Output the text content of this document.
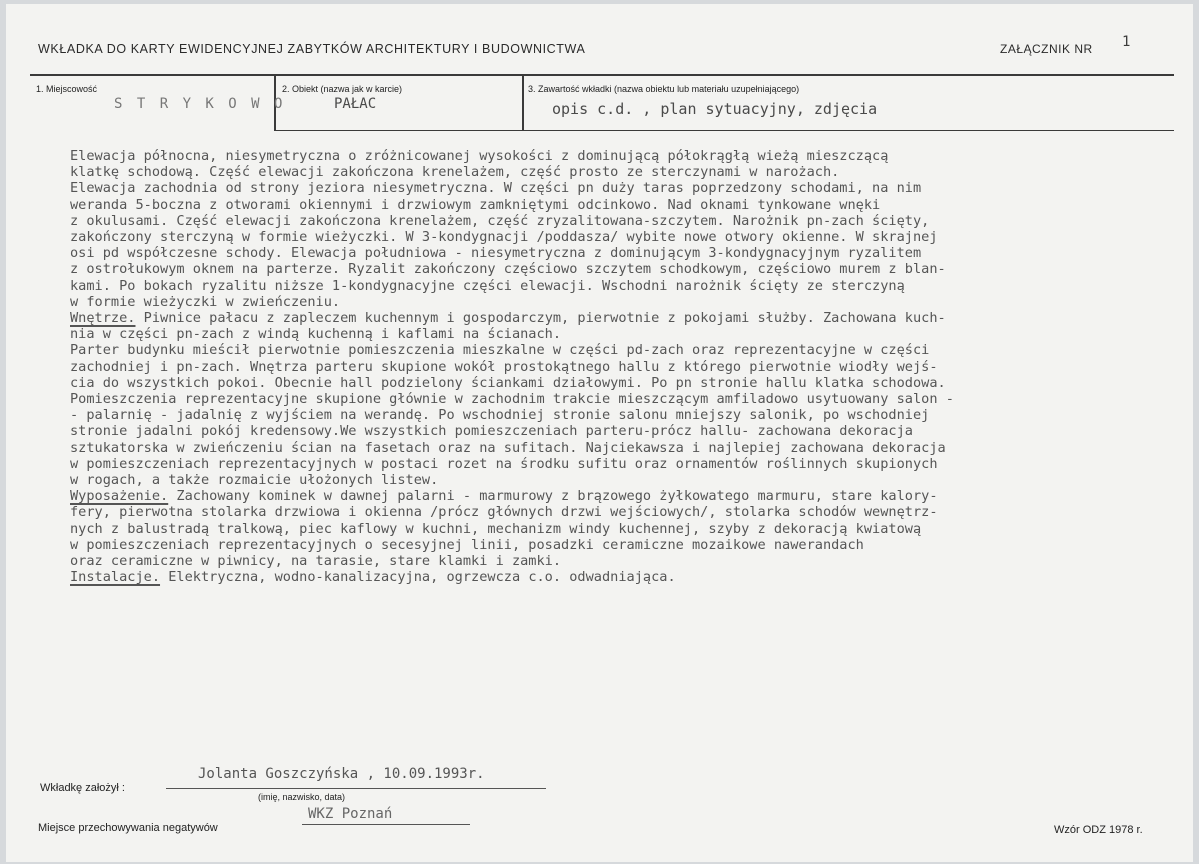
WKŁADKA DO KARTY EWIDENCYJNEJ ZABYTKÓW ARCHITEKTURY I BUDOWNICTWA	ZAŁĄCZNIK NR 1
1. Miejscowość
S T R Y K O W O
2. Obiekt (nazwa jak w karcie)
PAŁAC
3. Zawartość wkładki (nazwa obiektu lub materiału uzupełniającego)
opis c.d. , plan sytuacyjny, zdjęcia
Elewacja północna, niesymetryczna o zróżnicowanej wysokości z dominującą półokrągłą wieżą mieszczącą
klatkę schodową. Część elewacji zakończona krenelażem, część prosto ze sterczynami w narożach.
Elewacja zachodnia od strony jeziora niesymetryczna. W części pn duży taras poprzedzony schodami, na nim
weranda 5-boczna z otworami okiennymi i drzwiowym zamkniętymi odcinkowo. Nad oknami tynkowane wnęki
z okulusami. Część elewacji zakończona krenelażem, część zryzalitowana-szczytem. Narożnik pn-zach ścięty,
zakończony sterczyną w formie wieżyczki. W 3-kondygnacji /poddasza/ wybite nowe otwory okienne. W skrajnej
osi pd współczesne schody. Elewacja południowa - niesymetryczna z dominującym 3-kondygnacyjnym ryzalitem
z ostrołukowym oknem na parterze. Ryzalit zakończony częściowo szczytem schodkowym, częściowo murem z blan-
kami. Po bokach ryzalitu niższe 1-kondygnacyjne części elewacji. Wschodni narożnik ścięty ze sterczyną
w formie wieżyczki w zwieńczeniu.
Wnętrze. Piwnice pałacu z zapleczem kuchennym i gospodarczym, pierwotnie z pokojami służby. Zachowana kuch-
nia w części pn-zach z windą kuchenną i kaflami na ścianach.
Parter budynku mieścił pierwotnie pomieszczenia mieszkalne w części pd-zach oraz reprezentacyjne w części
zachodniej i pn-zach. Wnętrza parteru skupione wokół prostokątnego hallu z którego pierwotnie wiodły wejś-
cia do wszystkich pokoi. Obecnie hall podzielony ściankami działowymi. Po pn stronie hallu klatka schodowa.
Pomieszczenia reprezentacyjne skupione głównie w zachodnim trakcie mieszczącym amfiladowo usytuowany salon -
- palarnię - jadalnię z wyjściem na werandę. Po wschodniej stronie salonu mniejszy salonik, po wschodniej
stronie jadalni pokój kredensowy.We wszystkich pomieszczeniach parteru-prócz hallu- zachowana dekoracja
sztukatorska w zwieńczeniu ścian na fasetach oraz na sufitach. Najciekawsza i najlepiej zachowana dekoracja
w pomieszczeniach reprezentacyjnych w postaci rozet na środku sufitu oraz ornamentów roślinnych skupionych
w rogach, a także rozmaicie ułożonych listew.
Wyposażenie. Zachowany kominek w dawnej palarni - marmurowy z brązowego żyłkowatego marmuru, stare kalory-
fery, pierwotna stolarka drzwiowa i okienna /prócz głównych drzwi wejściowych/, stolarka schodów wewnętrz-
nych z balustradą tralkową, piec kaflowy w kuchni, mechanizm windy kuchennej, szyby z dekoracją kwiatową
w pomieszczeniach reprezentacyjnych o secesyjnej linii, posadzki ceramiczne mozaikowe nawerandach
oraz ceramiczne w piwnicy, na tarasie, stare klamki i zamki.
Instalacje. Elektryczna, wodno-kanalizacyjna, ogrzewcza c.o. odwadniająca.
Wkładkę założył :
Jolanta Goszczyńska , 10.09.1993r.
(imię, nazwisko, data)
Miejsce przechowywania negatywów
WKZ Poznań
Wzór ODZ 1978 r.
